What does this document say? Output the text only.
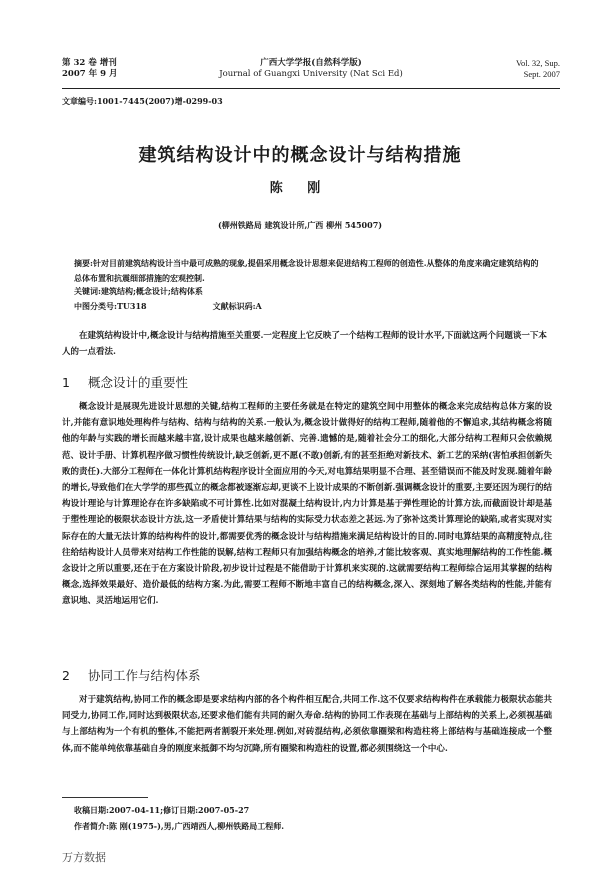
第 32 卷 增刊
2007 年 9 月
广西大学学报(自然科学版)
Journal of Guangxi University (Nat Sci Ed)
Vol. 32, Sup.
Sept. 2007
文章编号:1001-7445(2007)增-0299-03
建筑结构设计中的概念设计与结构措施
陈 刚
(柳州铁路局 建筑设计所,广西 柳州 545007)

摘要:针对目前建筑结构设计当中最可成熟的现象,提倡采用概念设计思想来促进结构工程师的创造性.从整体的角度来确定建筑结构的总体布置和抗震细部措施的宏观控制.

关键词:建筑结构;概念设计;结构体系
中图分类号:TU318	文献标识码:A

在建筑结构设计中,概念设计与结构措施至关重要.一定程度上它反映了一个结构工程师的设计水平,下面就这两个问题谈一下本人的一点看法.

1 概念设计的重要性

概念设计是展现先进设计思想的关键,结构工程师的主要任务就是在特定的建筑空间中用整体的概念来完成结构总体方案的设计,并能有意识地处理构件与结构、结构与结构的关系.一般认为,概念设计做得好的结构工程师,随着他的不懈追求,其结构概念将随他的年龄与实践的增长而越来越丰富,设计成果也越来越创新、完善.遗憾的是,随着社会分工的细化,大部分结构工程师只会依赖规范、设计手册、计算机程序做习惯性传统设计,缺乏创新,更不愿(不敢)创新,有的甚至拒绝对新技术、新工艺的采纳(害怕承担创新失败的责任).大部分工程师在一体化计算机结构程序设计全面应用的今天,对电算结果明显不合理、甚至错误而不能及时发现.随着年龄的增长,导致他们在大学学的那些孤立的概念都被逐渐忘却,更谈不上设计成果的不断创新.强调概念设计的重要,主要还因为现行的结构设计理论与计算理论存在许多缺陷或不可计算性.比如对混凝土结构设计,内力计算是基于弹性理论的计算方法,而截面设计却是基于塑性理论的极限状态设计方法,这一矛盾使计算结果与结构的实际受力状态差之甚远.为了弥补这类计算理论的缺陷,或者实现对实际存在的大量无法计算的结构构件的设计,都需要优秀的概念设计与结构措施来满足结构设计的目的.同时电算结果的高精度特点,往往给结构设计人员带来对结构工作性能的误解,结构工程师只有加强结构概念的培养,才能比较客观、真实地理解结构的工作性能.概念设计之所以重要,还在于在方案设计阶段,初步设计过程是不能借助于计算机来实现的.这就需要结构工程师综合运用其掌握的结构概念,选择效果最好、造价最低的结构方案.为此,需要工程师不断地丰富自己的结构概念,深入、深刻地了解各类结构的性能,并能有意识地、灵活地运用它们.

2 协同工作与结构体系

对于建筑结构,协同工作的概念即是要求结构内部的各个构件相互配合,共同工作.这不仅要求结构构件在承载能力极限状态能共同受力,协同工作,同时达到极限状态,还要求他们能有共同的耐久寿命.结构的协同工作表现在基础与上部结构的关系上,必须视基础与上部结构为一个有机的整体,不能把两者割裂开来处理.例如,对砖混结构,必须依靠圈梁和构造柱将上部结构与基础连接成一个整体,而不能单纯依靠基础自身的刚度来抵御不均匀沉降,所有圈梁和构造柱的设置,都必须围绕这一个中心.

收稿日期:2007-04-11;修订日期:2007-05-27
作者简介:陈 刚(1975-),男,广西靖西人,柳州铁路局工程师.
万方数据
